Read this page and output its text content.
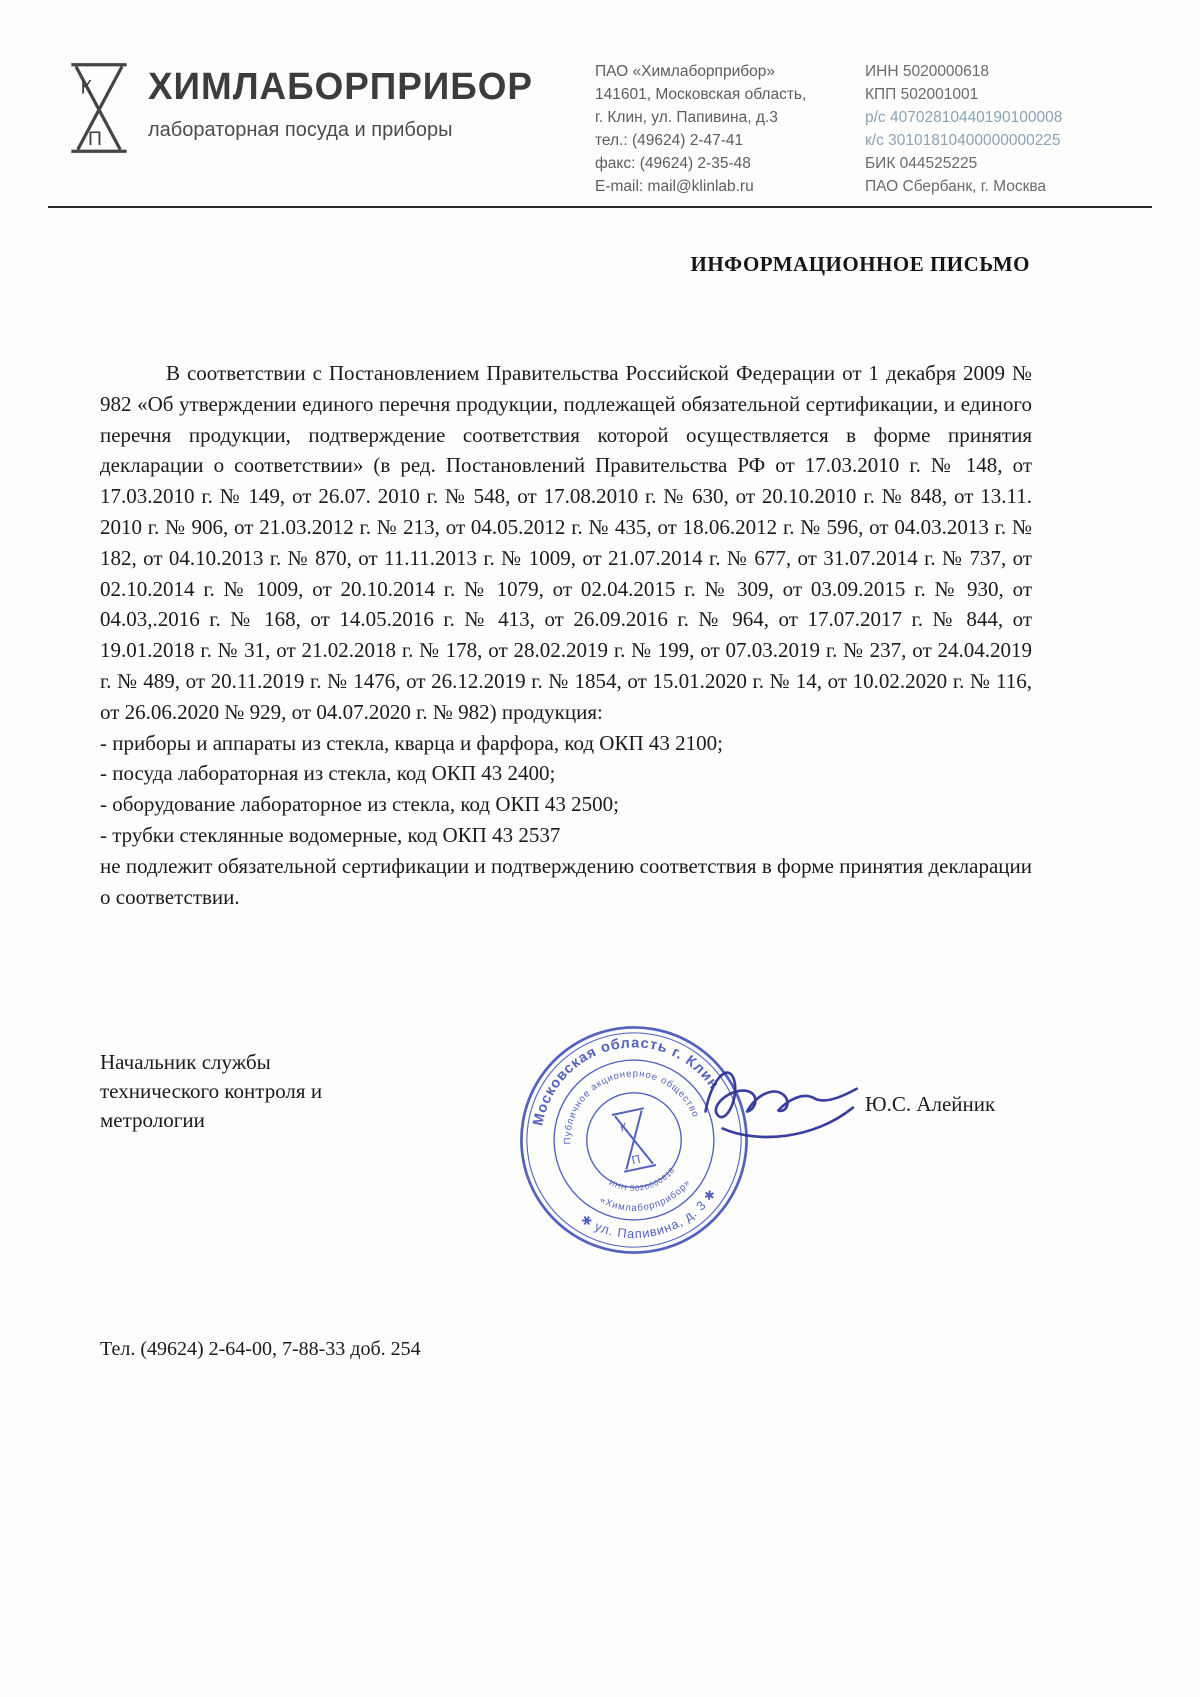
К
П
ХИМЛАБОРПРИБОР
лабораторная посуда и приборы
ПАО «Химлаборприбор»
141601, Московская область,
г. Клин, ул. Папивина, д.3
тел.: (49624) 2-47-41
факс: (49624) 2-35-48
E-mail: mail@klinlab.ru
ИНН 5020000618
КПП 502001001
р/с 40702810440190100008
к/с 30101810400000000225
БИК 044525225
ПАО Сбербанк, г. Москва
ИНФОРМАЦИОННОЕ ПИСЬМО

В соответствии с Постановлением Правительства Российской Федерации от 1 декабря 2009 № 982 «Об утверждении единого перечня продукции, подлежащей обязательной сертификации, и единого перечня продукции, подтверждение соответствия которой осуществляется в форме принятия декларации о соответствии» (в ред. Постановлений Правительства РФ от 17.03.2010 г. № 148, от 17.03.2010 г. № 149, от 26.07. 2010 г. № 548, от 17.08.2010 г. № 630, от 20.10.2010 г. № 848, от 13.11. 2010 г. № 906, от 21.03.2012 г. № 213, от 04.05.2012 г. № 435, от 18.06.2012 г. № 596, от 04.03.2013 г. № 182, от 04.10.2013 г. № 870, от 11.11.2013 г. № 1009, от 21.07.2014 г. № 677, от 31.07.2014 г. № 737, от 02.10.2014 г. № 1009, от 20.10.2014 г. № 1079, от 02.04.2015 г. № 309, от 03.09.2015 г. № 930, от 04.03,.2016 г. № 168, от 14.05.2016 г. № 413, от 26.09.2016 г. № 964, от 17.07.2017 г. № 844, от 19.01.2018 г. № 31, от 21.02.2018 г. № 178, от 28.02.2019 г. № 199, от 07.03.2019 г. № 237, от 24.04.2019 г. № 489, от 20.11.2019 г. № 1476, от 26.12.2019 г. № 1854, от 15.01.2020 г. № 14, от 10.02.2020 г. № 116, от 26.06.2020 № 929, от 04.07.2020 г. № 982) продукция:

- приборы и аппараты из стекла, кварца и фарфора, код ОКП 43 2100;
- посуда лабораторная из стекла, код ОКП 43 2400;
- оборудование лабораторное из стекла, код ОКП 43 2500;
- трубки стеклянные водомерные, код ОКП 43 2537

не подлежит обязательной сертификации и подтверждению соответствия в форме принятия декларации о соответствии.

Начальник службы
технического контроля и
метрологии	Московская область г. Клин
✱ ул. Папивина, д. 3 ✱
Публичное акционерное общество
«Химлаборприбор»
ИНН 5020000618
К
П
Ю.С. Алейник
Тел. (49624) 2-64-00, 7-88-33 доб. 254
